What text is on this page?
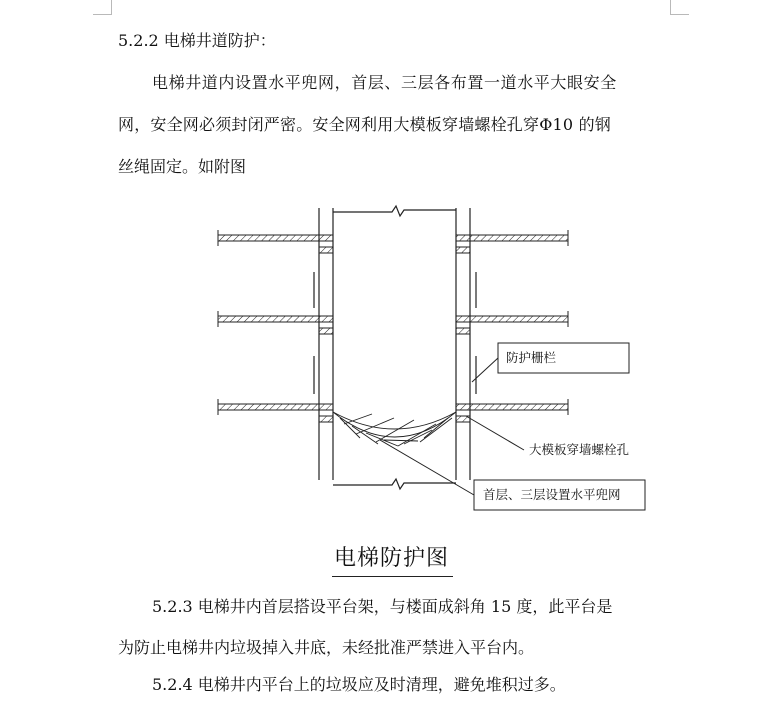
5.2.2 电梯井道防护：
电梯井道内设置水平兜网，首层、三层各布置一道水平大眼安全
网，安全网必须封闭严密。安全网利用大模板穿墙螺栓孔穿Φ10 的钢
丝绳固定。如附图
防护栅栏
大模板穿墙螺栓孔
首层、三层设置水平兜网
电梯防护图
5.2.3 电梯井内首层搭设平台架，与楼面成斜角 15 度，此平台是
为防止电梯井内垃圾掉入井底，未经批准严禁进入平台内。
5.2.4 电梯井内平台上的垃圾应及时清理，避免堆积过多。
